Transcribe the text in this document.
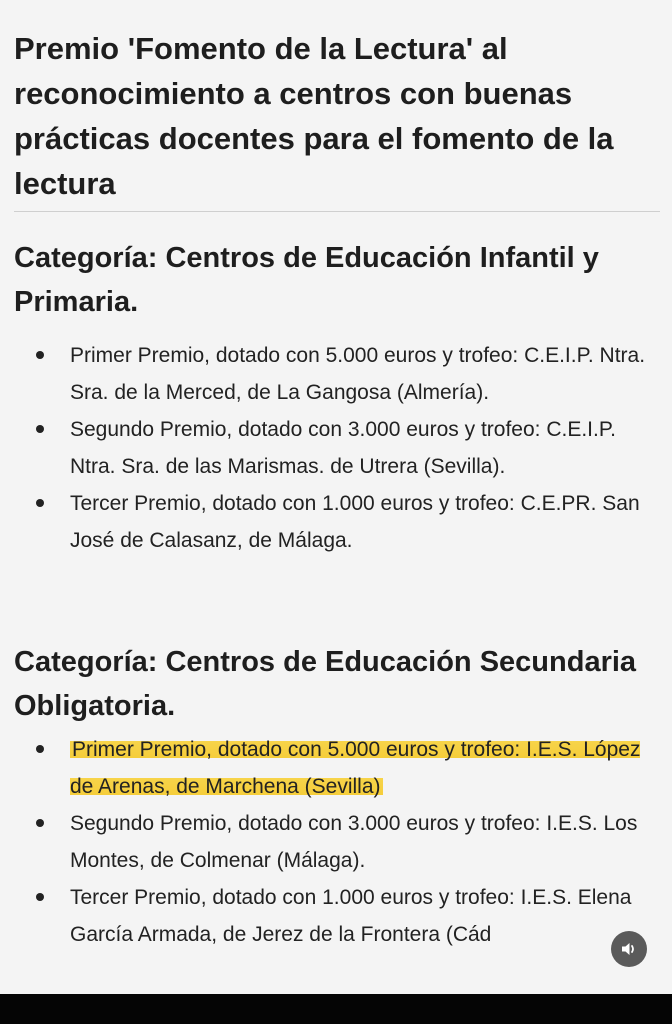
Premio 'Fomento de la Lectura' al reconocimiento a centros con buenas prácticas docentes para el fomento de la lectura
Categoría: Centros de Educación Infantil y Primaria.
Primer Premio, dotado con 5.000 euros y trofeo: C.E.I.P. Ntra. Sra. de la Merced, de La Gangosa (Almería).
Segundo Premio, dotado con 3.000 euros y trofeo: C.E.I.P. Ntra. Sra. de las Marismas. de Utrera (Sevilla).
Tercer Premio, dotado con 1.000 euros y trofeo: C.E.PR. San José de Calasanz, de Málaga.
Categoría: Centros de Educación Secundaria Obligatoria.
Primer Premio, dotado con 5.000 euros y trofeo: I.E.S. López de Arenas, de Marchena (Sevilla)
Segundo Premio, dotado con 3.000 euros y trofeo: I.E.S. Los Montes, de Colmenar (Málaga).
Tercer Premio, dotado con 1.000 euros y trofeo: I.E.S. Elena García Armada, de Jerez de la Frontera (Cád
